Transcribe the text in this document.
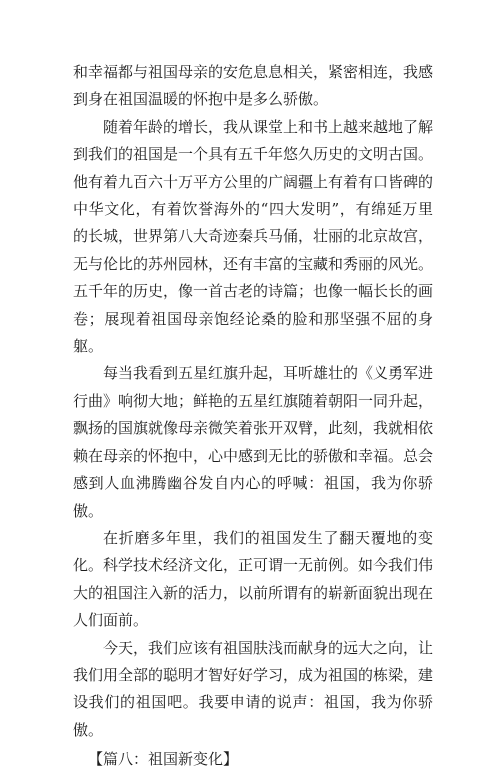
和幸福都与祖国母亲的安危息息相关，紧密相连，我感到身在祖国温暖的怀抱中是多么骄傲。

随着年龄的增长，我从课堂上和书上越来越地了解到我们的祖国是一个具有五千年悠久历史的文明古国。他有着九百六十万平方公里的广阔疆上有着有口皆碑的中华文化，有着饮誉海外的“四大发明”，有绵延万里的长城，世界第八大奇迹秦兵马俑，壮丽的北京故宫，无与伦比的苏州园林，还有丰富的宝藏和秀丽的风光。五千年的历史，像一首古老的诗篇；也像一幅长长的画卷；展现着祖国母亲饱经论桑的脸和那坚强不屈的身躯。

每当我看到五星红旗升起，耳听雄壮的《义勇军进行曲》响彻大地；鲜艳的五星红旗随着朝阳一同升起，飘扬的国旗就像母亲微笑着张开双臂，此刻，我就相依赖在母亲的怀抱中，心中感到无比的骄傲和幸福。总会感到人血沸腾幽谷发自内心的呼喊：祖国，我为你骄傲。

在折磨多年里，我们的祖国发生了翻天覆地的变化。科学技术经济文化，正可谓一无前例。如今我们伟大的祖国注入新的活力，以前所谓有的崭新面貌出现在人们面前。

今天，我们应该有祖国肤浅而献身的远大之向，让我们用全部的聪明才智好好学习，成为祖国的栋梁，建设我们的祖国吧。我要申请的说声：祖国，我为你骄傲。

【篇八：祖国新变化】
